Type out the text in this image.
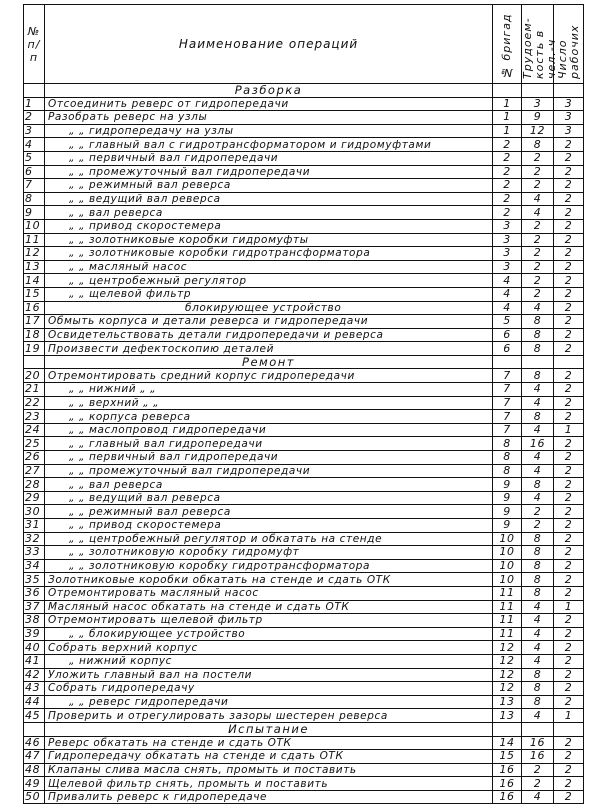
№ п/п	Наименование операций	№ бригад	Трудоем-кость в чел.-ч	Число рабочих
	Разборка			
1	Отсоединить реверс от гидропередачи	1	3	3
2	Разобрать реверс на узлы	1	9	3
3	„ „ гидропередачу на узлы	1	12	3
4	„ „ главный вал с гидротрансформатором и гидромуфтами	2	8	2
5	„ „ первичный вал гидропередачи	2	2	2
6	„ „ промежуточный вал гидропередачи	2	2	2
7	„ „ режимный вал реверса	2	2	2
8	„ „ ведущий вал реверса	2	4	2
9	„ „ вал реверса	2	4	2
10	„ „ привод скоростемера	3	2	2
11	„ „ золотниковые коробки гидромуфты	3	2	2
12	„ „ золотниковые коробки гидротрансформатора	3	2	2
13	„ „ масляный насос	3	2	2
14	„ „ центробежный регулятор	4	2	2
15	„ „ щелевой фильтр	4	2	2
16	блокирующее устройство	4	4	2
17	Обмыть корпуса и детали реверса и гидропередачи	5	8	2
18	Освидетельствовать детали гидропередачи и реверса	6	8	2
19	Произвести дефектоскопию деталей	6	8	2
	Ремонт			
20	Отремонтировать средний корпус гидропередачи	7	8	2
21	„ „ нижний „ „	7	4	2
22	„ „ верхний „ „	7	4	2
23	„ „ корпуса реверса	7	8	2
24	„ „ маслопровод гидропередачи	7	4	1
25	„ „ главный вал гидропередачи	8	16	2
26	„ „ первичный вал гидропередачи	8	4	2
27	„ „ промежуточный вал гидропередачи	8	4	2
28	„ „ вал реверса	9	8	2
29	„ „ ведущий вал реверса	9	4	2
30	„ „ режимный вал реверса	9	2	2
31	„ „ привод скоростемера	9	2	2
32	„ „ центробежный регулятор и обкатать на стенде	10	8	2
33	„ „ золотниковую коробку гидромуфт	10	8	2
34	„ „ золотниковую коробку гидротрансформатора	10	8	2
35	Золотниковые коробки обкатать на стенде и сдать ОТК	10	8	2
36	Отремонтировать масляный насос	11	8	2
37	Масляный насос обкатать на стенде и сдать ОТК	11	4	1
38	Отремонтировать щелевой фильтр	11	4	2
39	„ „ блокирующее устройство	11	4	2
40	Собрать верхний корпус	12	4	2
41	„ нижний корпус	12	4	2
42	Уложить главный вал на постели	12	8	2
43	Собрать гидропередачу	12	8	2
44	„ „ реверс гидропередачи	13	8	2
45	Проверить и отрегулировать зазоры шестерен реверса	13	4	1
	Испытание			
46	Реверс обкатать на стенде и сдать ОТК	14	16	2
47	Гидропередачу обкатать на стенде и сдать ОТК	15	16	2
48	Клапаны слива масла снять, промыть и поставить	16	2	2
49	Щелевой фильтр снять, промыть и поставить	16	2	2
50	Привалить реверс к гидропередаче	16	4	2
